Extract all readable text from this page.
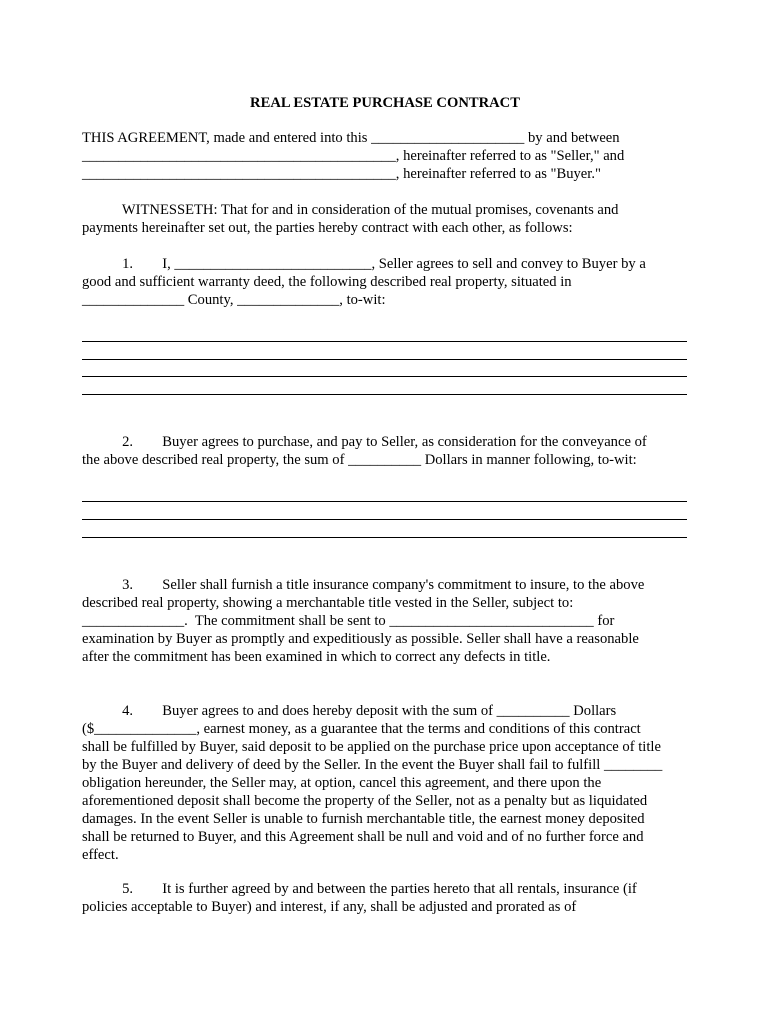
REAL ESTATE PURCHASE CONTRACT
THIS AGREEMENT, made and entered into this _____________________ by and between
___________________________________________, hereinafter referred to as "Seller," and
___________________________________________, hereinafter referred to as "Buyer."
WITNESSETH: That for and in consideration of the mutual promises, covenants and
payments hereinafter set out, the parties hereby contract with each other, as follows:
1.        I, ___________________________, Seller agrees to sell and convey to Buyer by a
good and sufficient warranty deed, the following described real property, situated in
______________ County, ______________, to-wit:
2.        Buyer agrees to purchase, and pay to Seller, as consideration for the conveyance of
the above described real property, the sum of __________ Dollars in manner following, to-wit:
3.        Seller shall furnish a title insurance company's commitment to insure, to the above
described real property, showing a merchantable title vested in the Seller, subject to:
______________.  The commitment shall be sent to ____________________________ for
examination by Buyer as promptly and expeditiously as possible. Seller shall have a reasonable
after the commitment has been examined in which to correct any defects in title.
4.        Buyer agrees to and does hereby deposit with the sum of __________ Dollars
($______________, earnest money, as a guarantee that the terms and conditions of this contract
shall be fulfilled by Buyer, said deposit to be applied on the purchase price upon acceptance of title
by the Buyer and delivery of deed by the Seller. In the event the Buyer shall fail to fulfill ________
obligation hereunder, the Seller may, at option, cancel this agreement, and there upon the
aforementioned deposit shall become the property of the Seller, not as a penalty but as liquidated
damages. In the event Seller is unable to furnish merchantable title, the earnest money deposited
shall be returned to Buyer, and this Agreement shall be null and void and of no further force and
effect.
5.        It is further agreed by and between the parties hereto that all rentals, insurance (if
policies acceptable to Buyer) and interest, if any, shall be adjusted and prorated as of
